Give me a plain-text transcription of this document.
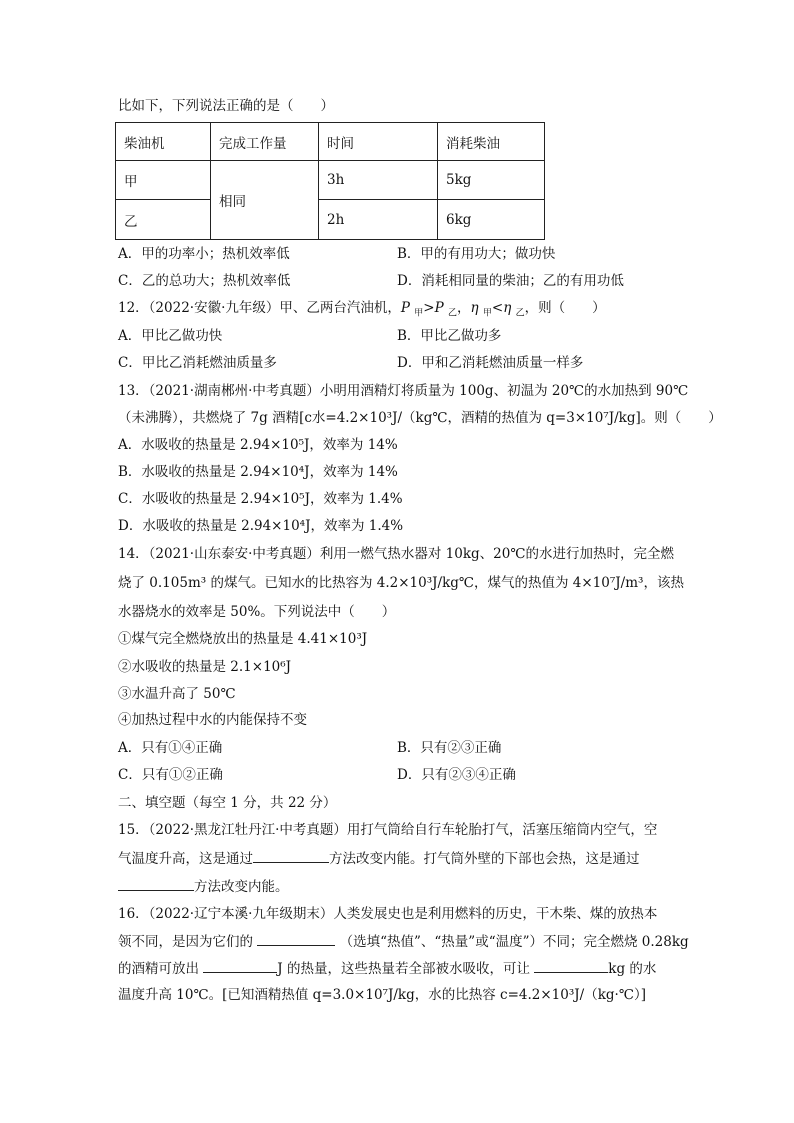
比如下，下列说法正确的是（　　）
柴油机	完成工作量	时间	消耗柴油
甲	相同	3h	5kg
乙		2h	6kg
A．甲的功率小；热机效率低	B．甲的有用功大；做功快
C．乙的总功大；热机效率低	D．消耗相同量的柴油；乙的有用功低
12．（2022·安徽·九年级）甲、乙两台汽油机，P $_甲$>P $_乙$，η $_甲$<η $_乙$，则（　　）
A．甲比乙做功快	B．甲比乙做功多
C．甲比乙消耗燃油质量多	D．甲和乙消耗燃油质量一样多
13．（2021·湖南郴州·中考真题）小明用酒精灯将质量为 100g、初温为 20℃的水加热到 90℃
（未沸腾），共燃烧了 7g 酒精[c水=4.2×10³J/（kg℃，酒精的热值为 q=3×10⁷J/kg]。则（　　）
A．水吸收的热量是 2.94×10⁵J，效率为 14%
B．水吸收的热量是 2.94×10⁴J，效率为 14%
C．水吸收的热量是 2.94×10⁵J，效率为 1.4%
D．水吸收的热量是 2.94×10⁴J，效率为 1.4%
14．（2021·山东泰安·中考真题）利用一燃气热水器对 10kg、20℃的水进行加热时，完全燃
烧了 0.105m³ 的煤气。已知水的比热容为 4.2×10³J/kg℃，煤气的热值为 4×10⁷J/m³，该热
水器烧水的效率是 50%。下列说法中（　　）
①煤气完全燃烧放出的热量是 4.41×10³J
②水吸收的热量是 2.1×10⁶J
③水温升高了 50℃
④加热过程中水的内能保持不变
A．只有①④正确	B．只有②③正确
C．只有①②正确	D．只有②③④正确
二、填空题（每空 1 分，共 22 分）
15．（2022·黑龙江牡丹江·中考真题）用打气筒给自行车轮胎打气，活塞压缩筒内空气，空
气温度升高，这是通过	方法改变内能。打气筒外壁的下部也会热，这是通过
方法改变内能。
16．（2022·辽宁本溪·九年级期末）人类发展史也是利用燃料的历史，干木柴、煤的放热本
领不同，是因为它们的	（选填“热值”、“热量”或“温度”）不同；完全燃烧 0.28kg
的酒精可放出	J 的热量，这些热量若全部被水吸收，可让	kg 的水
温度升高 10℃。[已知酒精热值 q=3.0×10⁷J/kg，水的比热容 c=4.2×10³J/（kg·℃）]
